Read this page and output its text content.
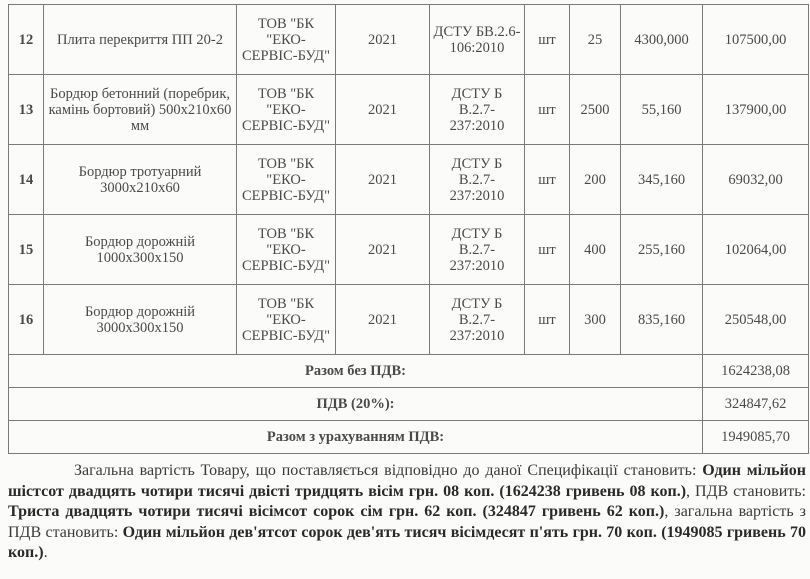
12	Плита перекриття ПП 20-2	ТОВ "БК "ЕКО-СЕРВІС-БУД"	2021	ДСТУ БВ.2.6-106:2010	шт	25	4300,000	107500,00
13	Бордюр бетонний (поребрик, камінь бортовий) 500x210x60 мм	ТОВ "БК "ЕКО-СЕРВІС-БУД"	2021	ДСТУ Б В.2.7-237:2010	шт	2500	55,160	137900,00
14	Бордюр тротуарний 3000x210x60	ТОВ "БК "ЕКО-СЕРВІС-БУД"	2021	ДСТУ Б В.2.7-237:2010	шт	200	345,160	69032,00
15	Бордюр дорожній 1000x300x150	ТОВ "БК "ЕКО-СЕРВІС-БУД"	2021	ДСТУ Б В.2.7-237:2010	шт	400	255,160	102064,00
16	Бордюр дорожній 3000x300x150	ТОВ "БК "ЕКО-СЕРВІС-БУД"	2021	ДСТУ Б В.2.7-237:2010	шт	300	835,160	250548,00
Разом без ПДВ:								1624238,08
ПДВ (20%):								324847,62
Разом з урахуванням ПДВ:								1949085,70
Загальна вартість Товару, що поставляється відповідно до даної Специфікації становить: Один мільйон шістсот двадцять чотири тисячі двісті тридцять вісім грн. 08 коп. (1624238 гривень 08 коп.), ПДВ становить: Триста двадцять чотири тисячі вісімсот сорок сім грн. 62 коп. (324847 гривень 62 коп.), загальна вартість з ПДВ становить: Один мільйон дев'ятсот сорок дев'ять тисяч вісімдесят п'ять грн. 70 коп. (1949085 гривень 70 коп.).
